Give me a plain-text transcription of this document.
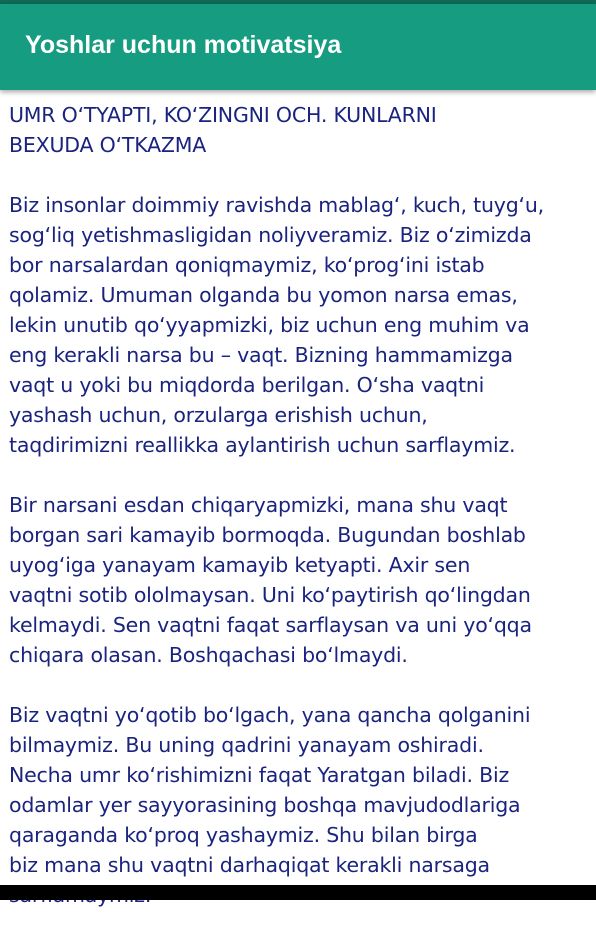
Yoshlar uchun motivatsiya
UMR O‘TYAPTI, KO‘ZINGNI OCH. KUNLARNI
BEXUDA O‘TKAZMA
Biz insonlar doimmiy ravishda mablag‘, kuch, tuyg‘u,
sog‘liq yetishmasligidan noliyveramiz. Biz o‘zimizda
bor narsalardan qoniqmaymiz, ko‘prog‘ini istab
qolamiz. Umuman olganda bu yomon narsa emas,
lekin unutib qo‘yyapmizki, biz uchun eng muhim va
eng kerakli narsa bu – vaqt. Bizning hammamizga
vaqt u yoki bu miqdorda berilgan. O‘sha vaqtni
yashash uchun, orzularga erishish uchun,
taqdirimizni reallikka aylantirish uchun sarflaymiz.
Bir narsani esdan chiqaryapmizki, mana shu vaqt
borgan sari kamayib bormoqda. Bugundan boshlab
uyog‘iga yanayam kamayib ketyapti. Axir sen
vaqtni sotib ololmaysan. Uni ko‘paytirish qo‘lingdan
kelmaydi. Sen vaqtni faqat sarflaysan va uni yo‘qqa
chiqara olasan. Boshqachasi bo‘lmaydi.
Biz vaqtni yo‘qotib bo‘lgach, yana qancha qolganini
bilmaymiz. Bu uning qadrini yanayam oshiradi.
Necha umr ko‘rishimizni faqat Yaratgan biladi. Biz
odamlar yer sayyorasining boshqa mavjudodlariga
qaraganda ko‘proq yashaymiz. Shu bilan birga
biz mana shu vaqtni darhaqiqat kerakli narsaga
